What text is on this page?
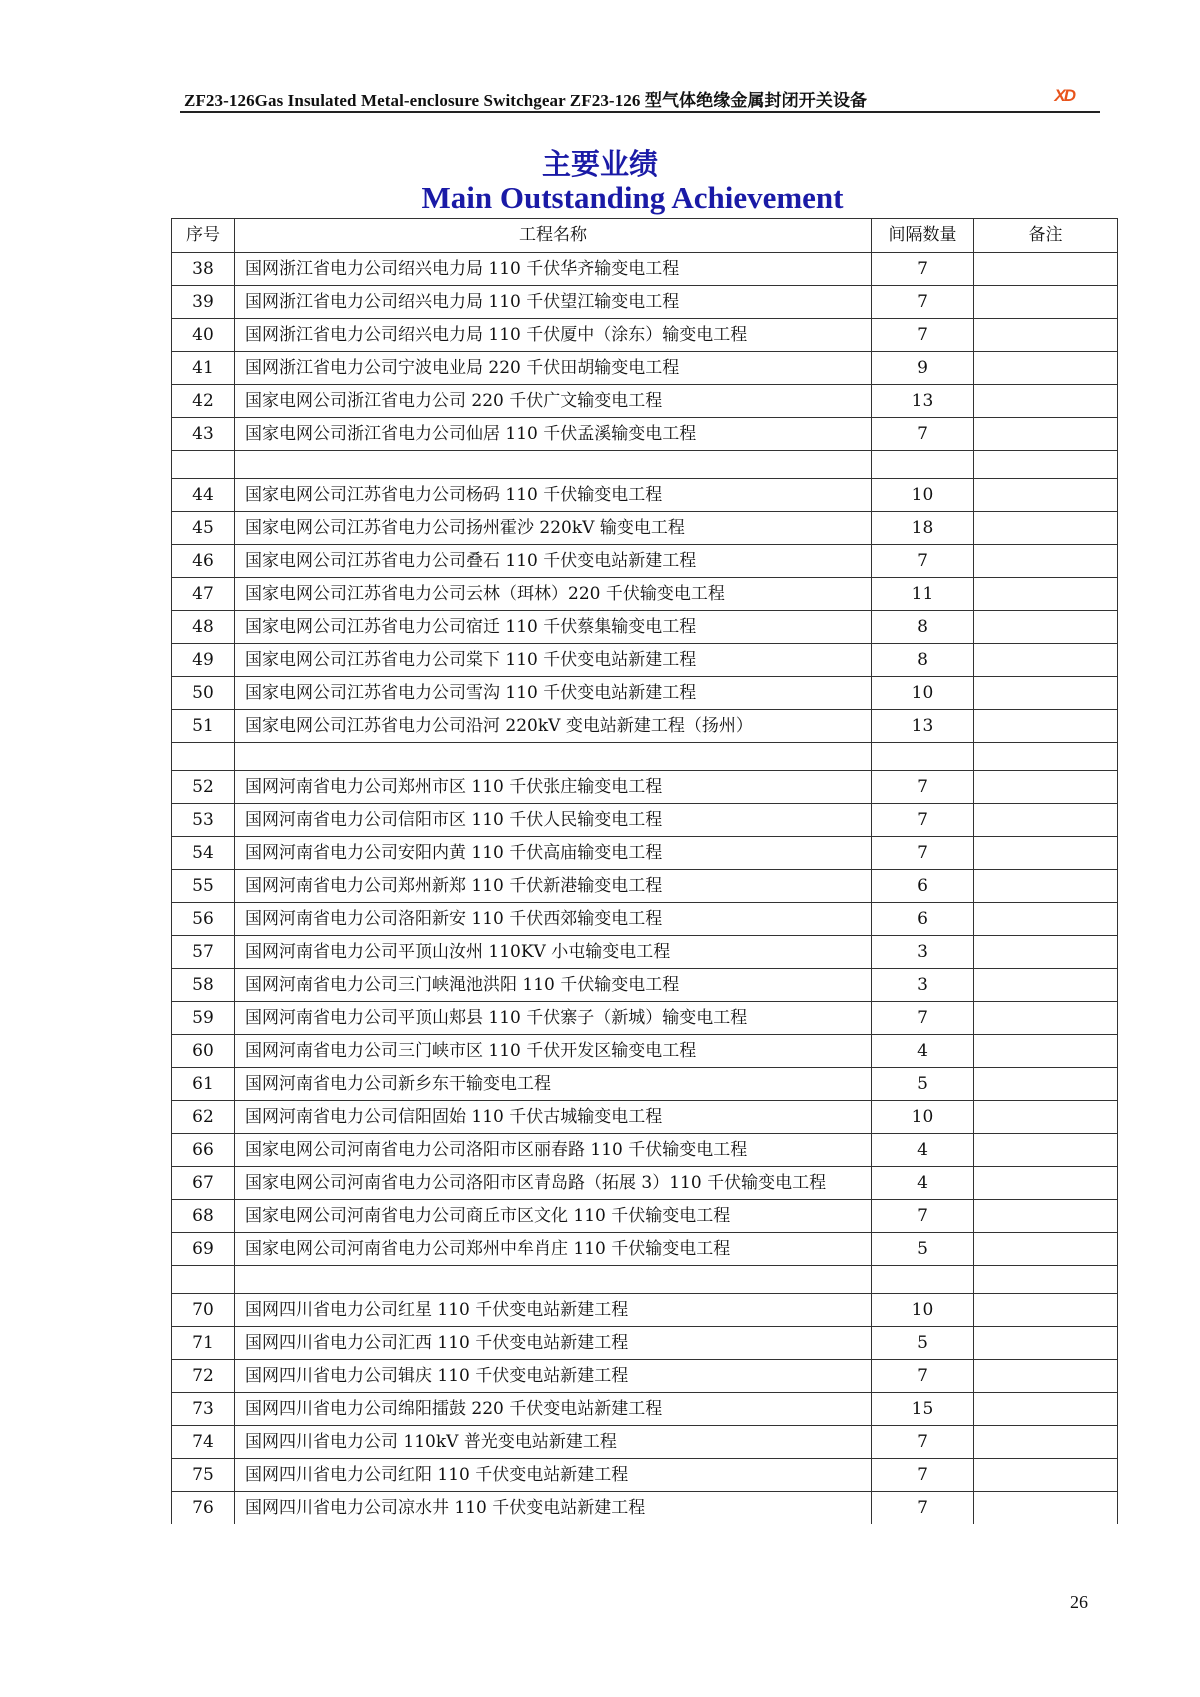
ZF23-126Gas Insulated Metal-enclosure Switchgear ZF23-126 型气体绝缘金属封闭开关设备	XD
主要业绩
Main Outstanding Achievement
序号	工程名称	间隔数量	备注
38	国网浙江省电力公司绍兴电力局 110 千伏华齐输变电工程	7	
39	国网浙江省电力公司绍兴电力局 110 千伏望江输变电工程	7	
40	国网浙江省电力公司绍兴电力局 110 千伏厦中（涂东）输变电工程	7	
41	国网浙江省电力公司宁波电业局 220 千伏田胡输变电工程	9	
42	国家电网公司浙江省电力公司 220 千伏广文输变电工程	13	
43	国家电网公司浙江省电力公司仙居 110 千伏孟溪输变电工程	7	

44	国家电网公司江苏省电力公司杨码 110 千伏输变电工程	10	
45	国家电网公司江苏省电力公司扬州霍沙 220kV 输变电工程	18	
46	国家电网公司江苏省电力公司叠石 110 千伏变电站新建工程	7	
47	国家电网公司江苏省电力公司云林（珥林）220 千伏输变电工程	11	
48	国家电网公司江苏省电力公司宿迁 110 千伏蔡集输变电工程	8	
49	国家电网公司江苏省电力公司棠下 110 千伏变电站新建工程	8	
50	国家电网公司江苏省电力公司雪沟 110 千伏变电站新建工程	10	
51	国家电网公司江苏省电力公司沿河 220kV 变电站新建工程（扬州）	13	

52	国网河南省电力公司郑州市区 110 千伏张庄输变电工程	7	
53	国网河南省电力公司信阳市区 110 千伏人民输变电工程	7	
54	国网河南省电力公司安阳内黄 110 千伏高庙输变电工程	7	
55	国网河南省电力公司郑州新郑 110 千伏新港输变电工程	6	
56	国网河南省电力公司洛阳新安 110 千伏西郊输变电工程	6	
57	国网河南省电力公司平顶山汝州 110KV 小屯输变电工程	3	
58	国网河南省电力公司三门峡渑池洪阳 110 千伏输变电工程	3	
59	国网河南省电力公司平顶山郏县 110 千伏寨子（新城）输变电工程	7	
60	国网河南省电力公司三门峡市区 110 千伏开发区输变电工程	4	
61	国网河南省电力公司新乡东干输变电工程	5	
62	国网河南省电力公司信阳固始 110 千伏古城输变电工程	10	
66	国家电网公司河南省电力公司洛阳市区丽春路 110 千伏输变电工程	4	
67	国家电网公司河南省电力公司洛阳市区青岛路（拓展 3）110 千伏输变电工程	4	
68	国家电网公司河南省电力公司商丘市区文化 110 千伏输变电工程	7	
69	国家电网公司河南省电力公司郑州中牟肖庄 110 千伏输变电工程	5	

70	国网四川省电力公司红星 110 千伏变电站新建工程	10	
71	国网四川省电力公司汇西 110 千伏变电站新建工程	5	
72	国网四川省电力公司辑庆 110 千伏变电站新建工程	7	
73	国网四川省电力公司绵阳擂鼓 220 千伏变电站新建工程	15	
74	国网四川省电力公司 110kV 普光变电站新建工程	7	
75	国网四川省电力公司红阳 110 千伏变电站新建工程	7	
76	国网四川省电力公司凉水井 110 千伏变电站新建工程	7	
26
